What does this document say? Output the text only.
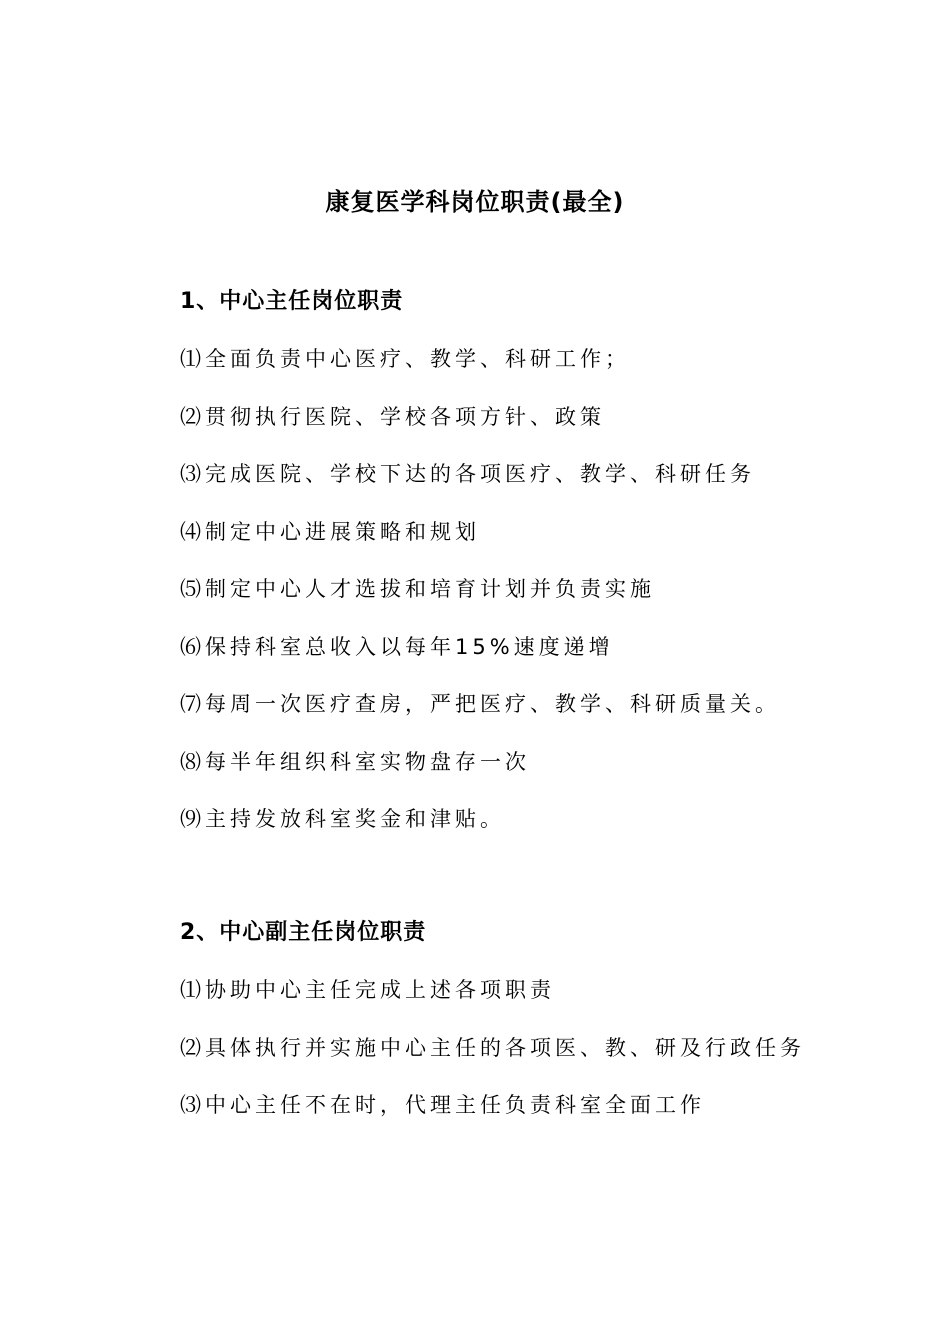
康复医学科岗位职责(最全)
1、中心主任岗位职责
⑴全面负责中心医疗、教学、科研工作；
⑵贯彻执行医院、学校各项方针、政策
⑶完成医院、学校下达的各项医疗、教学、科研任务
⑷制定中心进展策略和规划
⑸制定中心人才选拔和培育计划并负责实施
⑹保持科室总收入以每年15%速度递增
⑺每周一次医疗查房，严把医疗、教学、科研质量关。
⑻每半年组织科室实物盘存一次
⑼主持发放科室奖金和津贴。
2、中心副主任岗位职责
⑴协助中心主任完成上述各项职责
⑵具体执行并实施中心主任的各项医、教、研及行政任务
⑶中心主任不在时，代理主任负责科室全面工作
